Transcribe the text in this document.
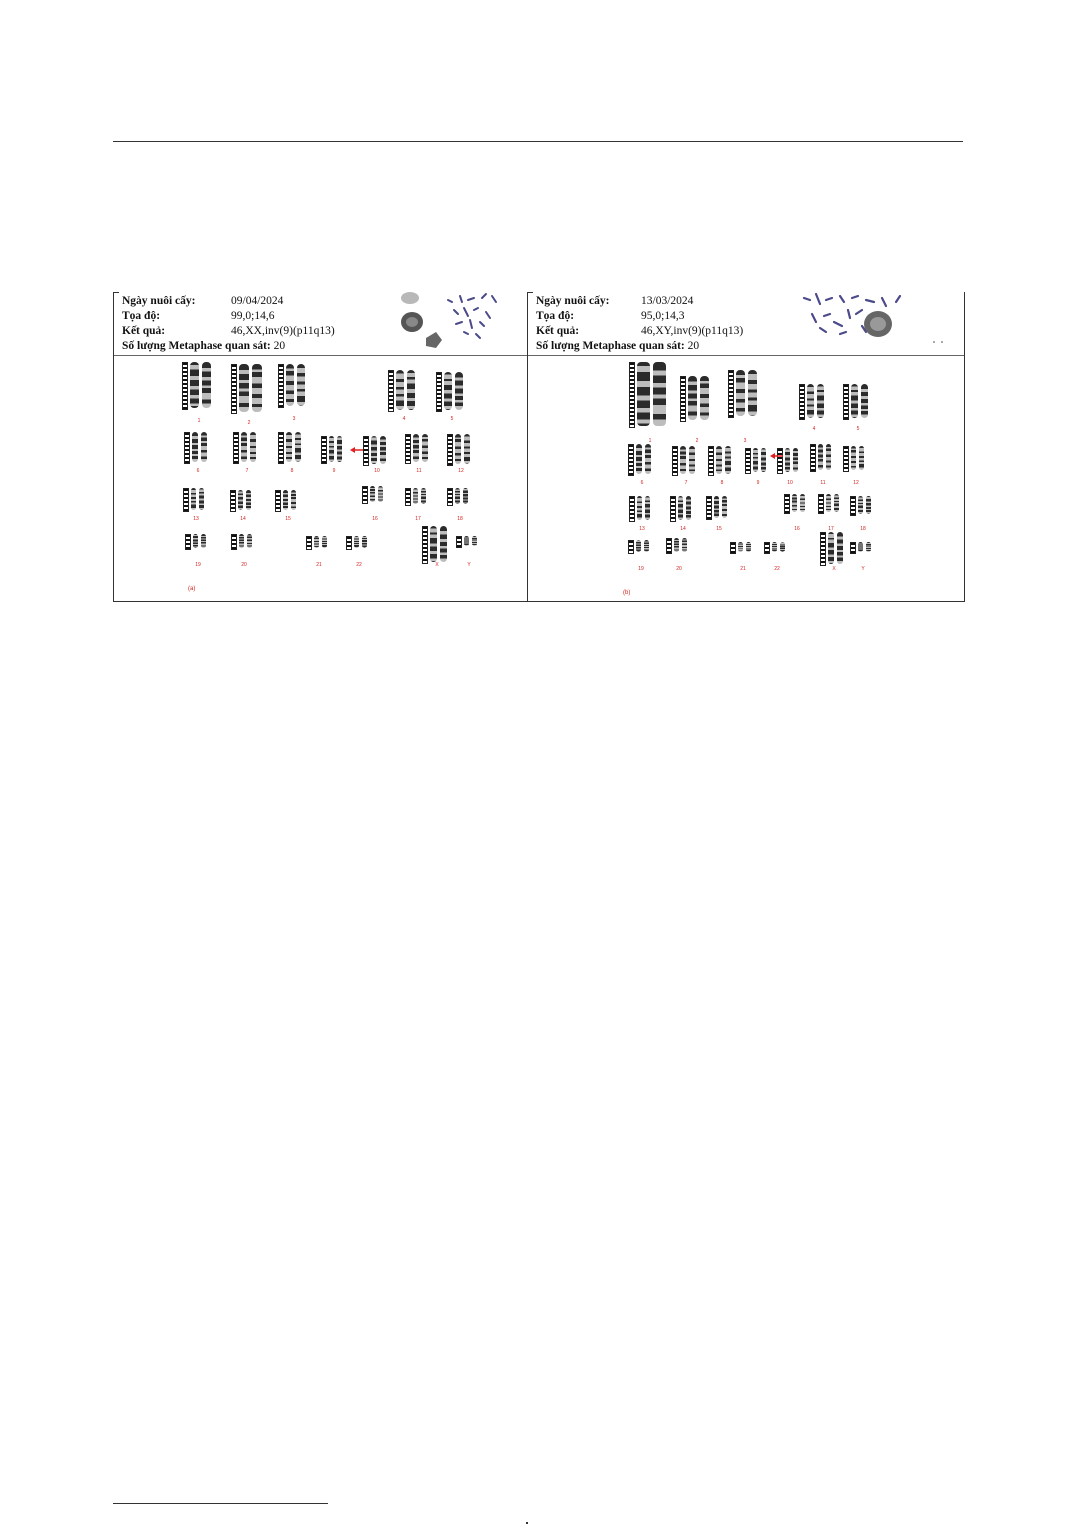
Ngày nuôi cấy:	09/04/2024
Tọa độ:	99,0;14,6
Kết quả:	46,XX,inv(9)(p11q13)
Số lượng Metaphase quan sát: 20
1	2
3	4	5
6	7	8	9	10	11	12
13	14	15	16	17	18
19	20	21	22	X	Y
(a)
Ngày nuôi cấy:	13/03/2024
Tọa độ:	95,0;14,3
Kết quả:	46,XY,inv(9)(p11q13)
Số lượng Metaphase quan sát: 20
1	2	3
4	5
6	7	8	9	10	11	12
13	14	15	16	17	18
19	20	21	22	X	Y
(b)
